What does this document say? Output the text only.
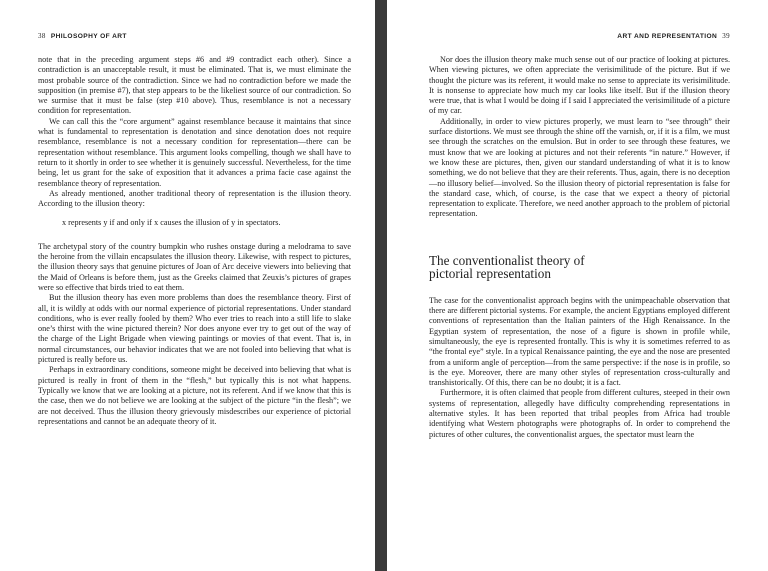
38 PHILOSOPHY OF ART

note that in the preceding argument steps #6 and #9 contradict each other). Since a contradiction is an unacceptable result, it must be eliminated. That is, we must eliminate the most probable source of the contradiction. Since we had no contradiction before we made the supposition (in premise #7), that step appears to be the likeliest source of our contradiction. So we surmise that it must be false (step #10 above). Thus, resemblance is not a necessary condition for representation.

We can call this the “core argument” against resemblance because it maintains that since what is fundamental to representation is denotation and since denotation does not require resemblance, resemblance is not a necessary condition for representation—there can be representation without resemblance. This argument looks compelling, though we shall have to return to it shortly in order to see whether it is genuinely successful. Nevertheless, for the time being, let us grant for the sake of exposition that it advances a prima facie case against the resemblance theory of representation.

As already mentioned, another traditional theory of representation is the illusion theory. According to the illusion theory:

x represents y if and only if x causes the illusion of y in spectators.

The archetypal story of the country bumpkin who rushes onstage during a melodrama to save the heroine from the villain encapsulates the illusion theory. Likewise, with respect to pictures, the illusion theory says that genuine pictures of Joan of Arc deceive viewers into believing that the Maid of Orleans is before them, just as the Greeks claimed that Zeuxis’s pictures of grapes were so effective that birds tried to eat them.

But the illusion theory has even more problems than does the resemblance theory. First of all, it is wildly at odds with our normal experience of pictorial representations. Under standard conditions, who is ever really fooled by them? Who ever tries to reach into a still life to slake one’s thirst with the wine pictured therein? Nor does anyone ever try to get out of the way of the charge of the Light Brigade when viewing paintings or movies of that event. That is, in normal circumstances, our behavior indicates that we are not fooled into believing that what is pictured is really before us.

Perhaps in extraordinary conditions, someone might be deceived into believing that what is pictured is really in front of them in the “flesh,” but typically this is not what happens. Typically we know that we are looking at a picture, not its referent. And if we know that this is the case, then we do not believe we are looking at the subject of the picture “in the flesh”; we are not deceived. Thus the illusion theory grievously misdescribes our experience of pictorial representations and cannot be an adequate theory of it.

ART AND REPRESENTATION 39

Nor does the illusion theory make much sense out of our practice of looking at pictures. When viewing pictures, we often appreciate the verisimilitude of the picture. But if we thought the picture was its referent, it would make no sense to appreciate its verisimilitude. It is nonsense to appreciate how much my car looks like itself. But if the illusion theory were true, that is what I would be doing if I said I appreciated the verisimilitude of a picture of my car.

Additionally, in order to view pictures properly, we must learn to “see through” their surface distortions. We must see through the shine off the varnish, or, if it is a film, we must see through the scratches on the emulsion. But in order to see through these features, we must know that we are looking at pictures and not their referents “in nature.” However, if we know these are pictures, then, given our standard understanding of what it is to know something, we do not believe that they are their referents. Thus, again, there is no deception—no illusory belief—involved. So the illusion theory of pictorial representation is false for the standard case, which, of course, is the case that we expect a theory of pictorial representation to explicate. Therefore, we need another approach to the problem of pictorial representation.

The conventionalist theory of
pictorial representation

The case for the conventionalist approach begins with the unimpeachable observation that there are different pictorial systems. For example, the ancient Egyptians employed different conventions of representation than the Italian painters of the High Renaissance. In the Egyptian system of representation, the nose of a figure is shown in profile while, simultaneously, the eye is represented frontally. This is why it is sometimes referred to as “the frontal eye” style. In a typical Renaissance painting, the eye and the nose are presented from a uniform angle of perception—from the same perspective: if the nose is in profile, so is the eye. Moreover, there are many other styles of representation cross-culturally and transhistorically. Of this, there can be no doubt; it is a fact.

Furthermore, it is often claimed that people from different cultures, steeped in their own systems of representation, allegedly have difficulty comprehending representations in alternative styles. It has been reported that tribal peoples from Africa had trouble identifying what Western photographs were photographs of. In order to comprehend the pictures of other cultures, the conventionalist argues, the spectator must learn the
